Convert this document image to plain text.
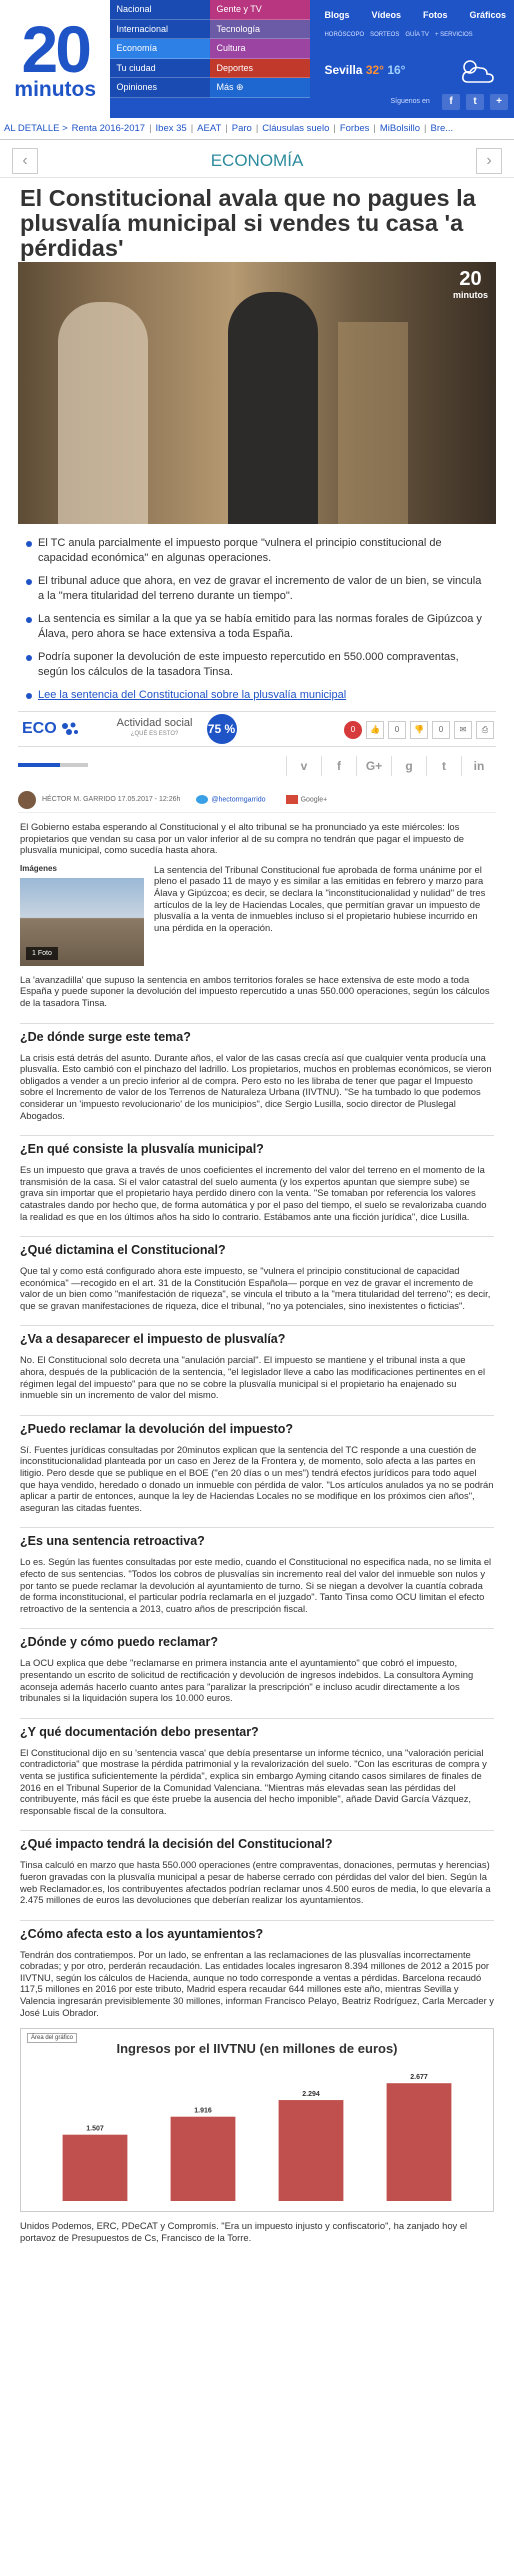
20
minutos
Nacional	Gente y TV
Internacional	Tecnología
Economía	Cultura
Tu ciudad	Deportes
Opiniones	Más ⊕
Blogs Vídeos Fotos Gráficos
HORÓSCOPO SORTEOS GUÍA TV + SERVICIOS
Sevilla 32° 16°
Síguenos en	f	t	+
AL DETALLE > Renta 2016-2017 | Ibex 35 | AEAT | Paro | Cláusulas suelo | Forbes | MiBolsillo | Bre...
‹	ECONOMÍA	›
El Constitucional avala que no pagues la plusvalía municipal si vendes tu casa 'a pérdidas'
20
minutos
El TC anula parcialmente el impuesto porque "vulnera el principio constitucional de capacidad económica" en algunas operaciones.
El tribunal aduce que ahora, en vez de gravar el incremento de valor de un bien, se vincula a la "mera titularidad del terreno durante un tiempo".
La sentencia es similar a la que ya se había emitido para las normas forales de Gipúzcoa y Álava, pero ahora se hace extensiva a toda España.
Podría suponer la devolución de este impuesto repercutido en 550.000 compraventas, según los cálculos de la tasadora Tinsa.
Lee la sentencia del Constitucional sobre la plusvalía municipal
ECO	Actividad social
¿QUÉ ES ESTO?	75 %	0	👍	0	👎	0	✉	⎙
v	f	G+	g	t	in
HÉCTOR M. GARRIDO 17.05.2017 - 12:26h	@hectormgarrido	Google+

El Gobierno estaba esperando al Constitucional y el alto tribunal se ha pronunciado ya este miércoles: los propietarios que vendan su casa por un valor inferior al de su compra no tendrán que pagar el impuesto de plusvalía municipal, como sucedía hasta ahora.

Imágenes
1 Foto
La sentencia del Tribunal Constitucional fue aprobada de forma unánime por el pleno el pasado 11 de mayo y es similar a las emitidas en febrero y marzo para Álava y Gipúzcoa; es decir, se declara la "inconstitucionalidad y nulidad" de tres artículos de la ley de Haciendas Locales, que permitían gravar un impuesto de plusvalía a la venta de inmuebles incluso si el propietario hubiese incurrido en una pérdida en la operación.

La 'avanzadilla' que supuso la sentencia en ambos territorios forales se hace extensiva de este modo a toda España y puede suponer la devolución del impuesto repercutido a unas 550.000 operaciones, según los cálculos de la tasadora Tinsa.

¿De dónde surge este tema?

La crisis está detrás del asunto. Durante años, el valor de las casas crecía así que cualquier venta producía una plusvalía. Esto cambió con el pinchazo del ladrillo. Los propietarios, muchos en problemas económicos, se vieron obligados a vender a un precio inferior al de compra. Pero esto no les libraba de tener que pagar el Impuesto sobre el Incremento de valor de los Terrenos de Naturaleza Urbana (IIVTNU). "Se ha tumbado lo que podemos considerar un 'impuesto revolucionario' de los municipios", dice Sergio Lusilla, socio director de Pluslegal Abogados.

¿En qué consiste la plusvalía municipal?

Es un impuesto que grava a través de unos coeficientes el incremento del valor del terreno en el momento de la transmisión de la casa. Si el valor catastral del suelo aumenta (y los expertos apuntan que siempre sube) se grava sin importar que el propietario haya perdido dinero con la venta. "Se tomaban por referencia los valores catastrales dando por hecho que, de forma automática y por el paso del tiempo, el suelo se revalorizaba cuando la realidad es que en los últimos años ha sido lo contrario. Estábamos ante una ficción jurídica", dice Lusilla.

¿Qué dictamina el Constitucional?

Que tal y como está configurado ahora este impuesto, se "vulnera el principio constitucional de capacidad económica" —recogido en el art. 31 de la Constitución Española— porque en vez de gravar el incremento de valor de un bien como "manifestación de riqueza", se vincula el tributo a la "mera titularidad del terreno"; es decir, que se gravan manifestaciones de riqueza, dice el tribunal, "no ya potenciales, sino inexistentes o ficticias".

¿Va a desaparecer el impuesto de plusvalía?

No. El Constitucional solo decreta una "anulación parcial". El impuesto se mantiene y el tribunal insta a que ahora, después de la publicación de la sentencia, "el legislador lleve a cabo las modificaciones pertinentes en el régimen legal del impuesto" para que no se cobre la plusvalía municipal si el propietario ha enajenado su inmueble sin un incremento de valor del mismo.

¿Puedo reclamar la devolución del impuesto?

Sí. Fuentes jurídicas consultadas por 20minutos explican que la sentencia del TC responde a una cuestión de inconstitucionalidad planteada por un caso en Jerez de la Frontera y, de momento, solo afecta a las partes en litigio. Pero desde que se publique en el BOE ("en 20 días o un mes") tendrá efectos jurídicos para todo aquel que haya vendido, heredado o donado un inmueble con pérdida de valor. "Los artículos anulados ya no se podrán aplicar a partir de entonces, aunque la ley de Haciendas Locales no se modifique en los próximos cien años", aseguran las citadas fuentes.

¿Es una sentencia retroactiva?

Lo es. Según las fuentes consultadas por este medio, cuando el Constitucional no especifica nada, no se limita el efecto de sus sentencias. "Todos los cobros de plusvalías sin incremento real del valor del inmueble son nulos y por tanto se puede reclamar la devolución al ayuntamiento de turno. Si se niegan a devolver la cuantía cobrada de forma inconstitucional, el particular podría reclamarla en el juzgado". Tanto Tinsa como OCU limitan el efecto retroactivo de la sentencia a 2013, cuatro años de prescripción fiscal.

¿Dónde y cómo puedo reclamar?

La OCU explica que debe "reclamarse en primera instancia ante el ayuntamiento" que cobró el impuesto, presentando un escrito de solicitud de rectificación y devolución de ingresos indebidos. La consultora Ayming aconseja además hacerlo cuanto antes para "paralizar la prescripción" e incluso acudir directamente a los tribunales si la liquidación supera los 10.000 euros.

¿Y qué documentación debo presentar?

El Constitucional dijo en su 'sentencia vasca' que debía presentarse un informe técnico, una "valoración pericial contradictoria" que mostrase la pérdida patrimonial y la revalorización del suelo. "Con las escrituras de compra y venta se justifica suficientemente la pérdida", explica sin embargo Ayming citando casos similares de finales de 2016 en el Tribunal Superior de la Comunidad Valenciana. "Mientras más elevadas sean las pérdidas del contribuyente, más fácil es que éste pruebe la ausencia del hecho imponible", añade David García Vázquez, responsable fiscal de la consultora.

¿Qué impacto tendrá la decisión del Constitucional?

Tinsa calculó en marzo que hasta 550.000 operaciones (entre compraventas, donaciones, permutas y herencias) fueron gravadas con la plusvalía municipal a pesar de haberse cerrado con pérdidas del valor del bien. Según la web Reclamador.es, los contribuyentes afectados podrían reclamar unos 4.500 euros de media, lo que elevaría a 2.475 millones de euros las devoluciones que deberían realizar los ayuntamientos.

¿Cómo afecta esto a los ayuntamientos?

Tendrán dos contratiempos. Por un lado, se enfrentan a las reclamaciones de las plusvalías incorrectamente cobradas; y por otro, perderán recaudación. Las entidades locales ingresaron 8.394 millones de 2012 a 2015 por IIVTNU, según los cálculos de Hacienda, aunque no todo corresponde a ventas a pérdidas. Barcelona recaudó 117,5 millones en 2016 por este tributo, Madrid espera recaudar 644 millones este año, mientras Sevilla y Valencia ingresarán previsiblemente 30 millones, informan Francisco Pelayo, Beatriz Rodríguez, Carla Mercader y José Luis Obrador.

Área del gráfico
Ingresos por el IIVTNU (en millones de euros)
1.507
1.916
2.294
2.677

Unidos Podemos, ERC, PDeCAT y Compromís. "Era un impuesto injusto y confiscatorio", ha zanjado hoy el portavoz de Presupuestos de Cs, Francisco de la Torre.
